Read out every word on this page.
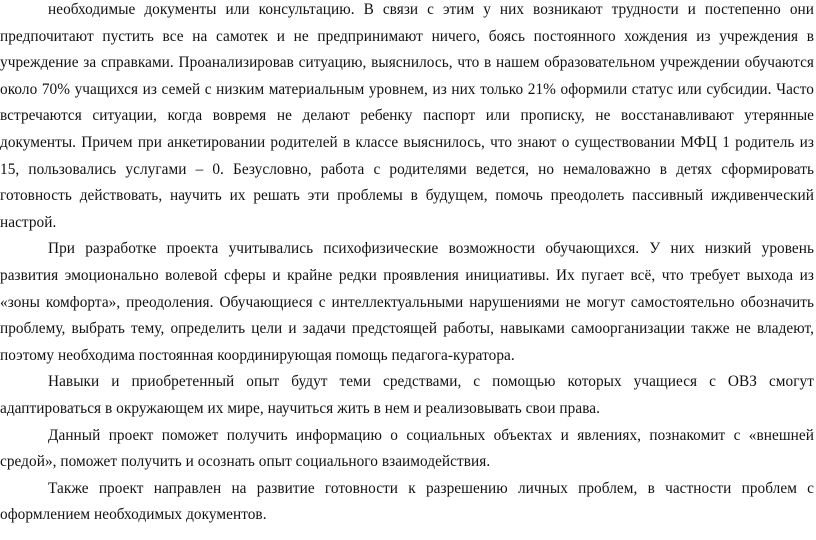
необходимые документы или консультацию. В связи с этим у них возникают трудности и постепенно они
предпочитают пустить все на самотек и не предпринимают ничего, боясь постоянного хождения из учреждения в
учреждение за справками. Проанализировав ситуацию, выяснилось, что в нашем образовательном учреждении обучаются
около 70% учащихся из семей с низким материальным уровнем, из них только 21% оформили статус или субсидии. Часто
встречаются ситуации, когда вовремя не делают ребенку паспорт или прописку, не восстанавливают утерянные
документы. Причем при анкетировании родителей в классе выяснилось, что знают о существовании МФЦ 1 родитель из
15, пользовались услугами – 0. Безусловно, работа с родителями ведется, но немаловажно в детях сформировать
готовность действовать, научить их решать эти проблемы в будущем, помочь преодолеть пассивный иждивенческий
настрой.
При разработке проекта учитывались психофизические возможности обучающихся. У них низкий уровень
развития эмоционально волевой сферы и крайне редки проявления инициативы. Их пугает всё, что требует выхода из
«зоны комфорта», преодоления. Обучающиеся с интеллектуальными нарушениями не могут самостоятельно обозначить
проблему, выбрать тему, определить цели и задачи предстоящей работы, навыками самоорганизации также не владеют,
поэтому необходима постоянная координирующая помощь педагога-куратора.
Навыки и приобретенный опыт будут теми средствами, с помощью которых учащиеся с ОВЗ смогут
адаптироваться в окружающем их мире, научиться жить в нем и реализовывать свои права.
Данный проект поможет получить информацию о социальных объектах и явлениях, познакомит с «внешней
средой», поможет получить и осознать опыт социального взаимодействия.
Также проект направлен на развитие готовности к разрешению личных проблем, в частности проблем с
оформлением необходимых документов.
